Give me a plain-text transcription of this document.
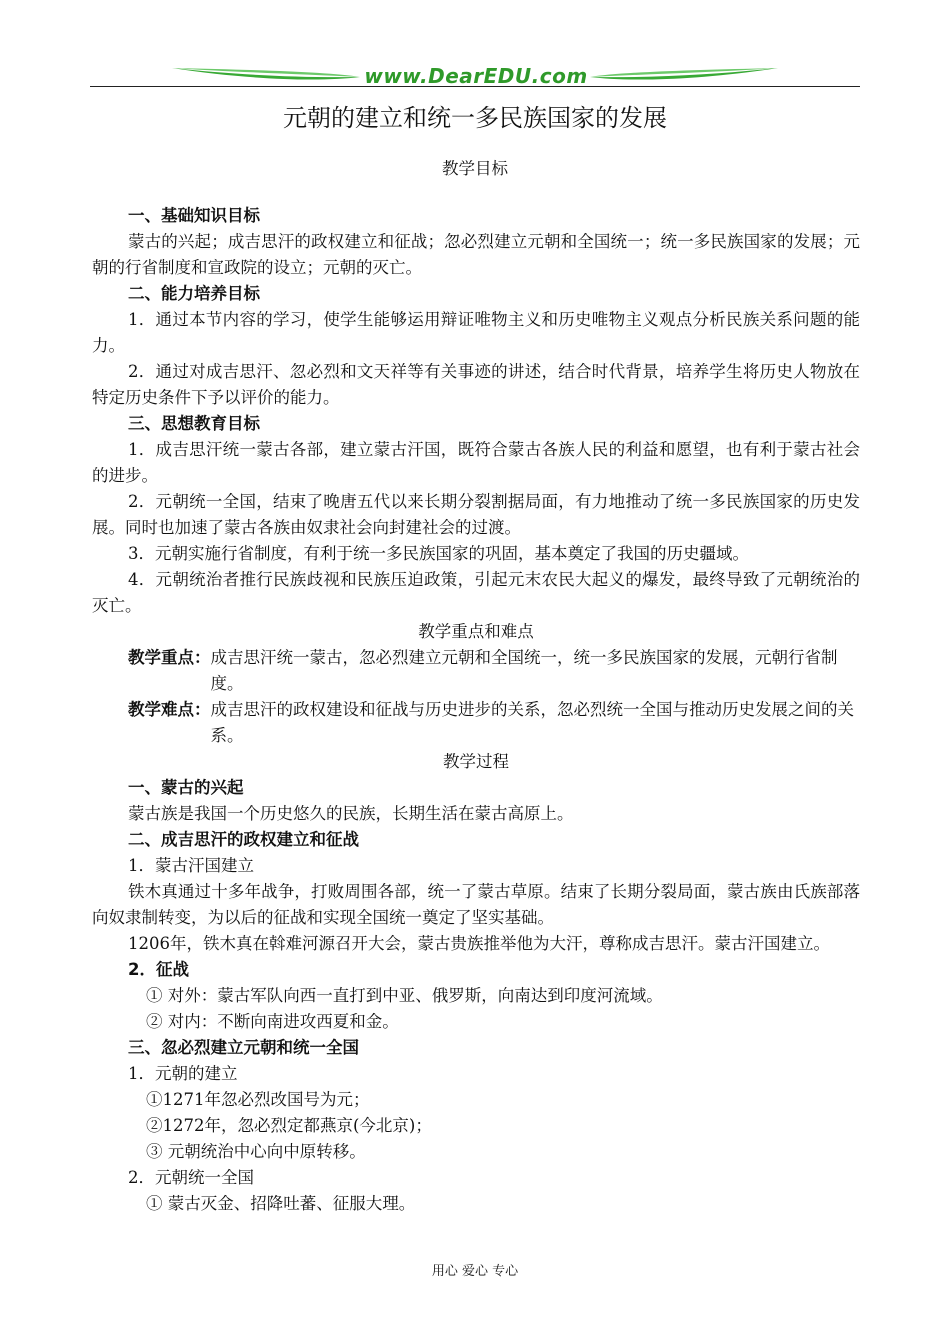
www.DearEDU.com
元朝的建立和统一多民族国家的发展
教学目标
一、基础知识目标
蒙古的兴起；成吉思汗的政权建立和征战；忽必烈建立元朝和全国统一；统一多民族国家的发展；元朝的行省制度和宣政院的设立；元朝的灭亡。
二、能力培养目标
1．通过本节内容的学习，使学生能够运用辩证唯物主义和历史唯物主义观点分析民族关系问题的能力。
2．通过对成吉思汗、忽必烈和文天祥等有关事迹的讲述，结合时代背景，培养学生将历史人物放在特定历史条件下予以评价的能力。
三、思想教育目标
1．成吉思汗统一蒙古各部，建立蒙古汗国，既符合蒙古各族人民的利益和愿望，也有利于蒙古社会的进步。
2．元朝统一全国，结束了晚唐五代以来长期分裂割据局面，有力地推动了统一多民族国家的历史发展。同时也加速了蒙古各族由奴隶社会向封建社会的过渡。
3．元朝实施行省制度，有利于统一多民族国家的巩固，基本奠定了我国的历史疆域。
4．元朝统治者推行民族歧视和民族压迫政策，引起元末农民大起义的爆发，最终导致了元朝统治的灭亡。
教学重点和难点
教学重点： 成吉思汗统一蒙古，忽必烈建立元朝和全国统一，统一多民族国家的发展，元朝行省制度。
教学难点： 成吉思汗的政权建设和征战与历史进步的关系，忽必烈统一全国与推动历史发展之间的关系。
教学过程
一、蒙古的兴起
蒙古族是我国一个历史悠久的民族，长期生活在蒙古高原上。
二、成吉思汗的政权建立和征战
1．蒙古汗国建立
铁木真通过十多年战争，打败周围各部，统一了蒙古草原。结束了长期分裂局面，蒙古族由氏族部落向奴隶制转变，为以后的征战和实现全国统一奠定了坚实基础。
1206年，铁木真在斡难河源召开大会，蒙古贵族推举他为大汗，尊称成吉思汗。蒙古汗国建立。
2．征战
① 对外：蒙古军队向西一直打到中亚、俄罗斯，向南达到印度河流域。
② 对内：不断向南进攻西夏和金。
三、忽必烈建立元朝和统一全国
1．元朝的建立
①1271年忽必烈改国号为元；
②1272年，忽必烈定都燕京(今北京)；
③ 元朝统治中心向中原转移。
2．元朝统一全国
① 蒙古灭金、招降吐蕃、征服大理。
用心 爱心 专心
